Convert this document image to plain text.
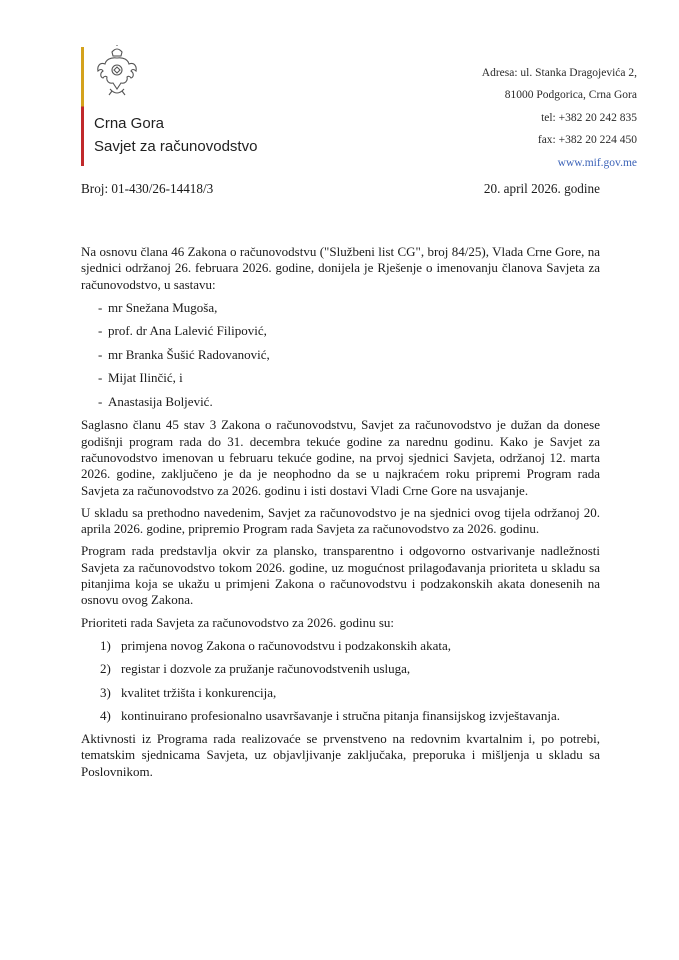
Crna Gora
Savjet za računovodstvo
Adresa: ul. Stanka Dragojevića 2,
81000 Podgorica, Crna Gora
tel: +382 20 242 835
fax: +382 20 224 450
www.mif.gov.me
Broj: 01-430/26-14418/3	20. april 2026. godine

Na osnovu člana 46 Zakona o računovodstvu ("Službeni list CG", broj 84/25), Vlada Crne Gore, na sjednici održanoj 26. februara 2026. godine, donijela je Rješenje o imenovanju članova Savjeta za računovodstvo, u sastavu:

- mr Snežana Mugoša,
- prof. dr Ana Lalević Filipović,
- mr Branka Šušić Radovanović,
- Mijat Ilinčić, i
- Anastasija Boljević.

Saglasno članu 45 stav 3 Zakona o računovodstvu, Savjet za računovodstvo je dužan da donese godišnji program rada do 31. decembra tekuće godine za narednu godinu. Kako je Savjet za računovodstvo imenovan u februaru tekuće godine, na prvoj sjednici Savjeta, održanoj 12. marta 2026. godine, zaključeno je da je neophodno da se u najkraćem roku pripremi Program rada Savjeta za računovodstvo za 2026. godinu i isti dostavi Vladi Crne Gore na usvajanje.

U skladu sa prethodno navedenim, Savjet za računovodstvo je na sjednici ovog tijela održanoj 20. aprila 2026. godine, pripremio Program rada Savjeta za računovodstvo za 2026. godinu.

Program rada predstavlja okvir za plansko, transparentno i odgovorno ostvarivanje nadležnosti Savjeta za računovodstvo tokom 2026. godine, uz mogućnost prilagođavanja prioriteta u skladu sa pitanjima koja se ukažu u primjeni Zakona o računovodstvu i podzakonskih akata donesenih na osnovu ovog Zakona.

Prioriteti rada Savjeta za računovodstvo za 2026. godinu su:

1) primjena novog Zakona o računovodstvu i podzakonskih akata,
2) registar i dozvole za pružanje računovodstvenih usluga,
3) kvalitet tržišta i konkurencija,
4) kontinuirano profesionalno usavršavanje i stručna pitanja finansijskog izvještavanja.

Aktivnosti iz Programa rada realizovaće se prvenstveno na redovnim kvartalnim i, po potrebi, tematskim sjednicama Savjeta, uz objavljivanje zaključaka, preporuka i mišljenja u skladu sa Poslovnikom.
